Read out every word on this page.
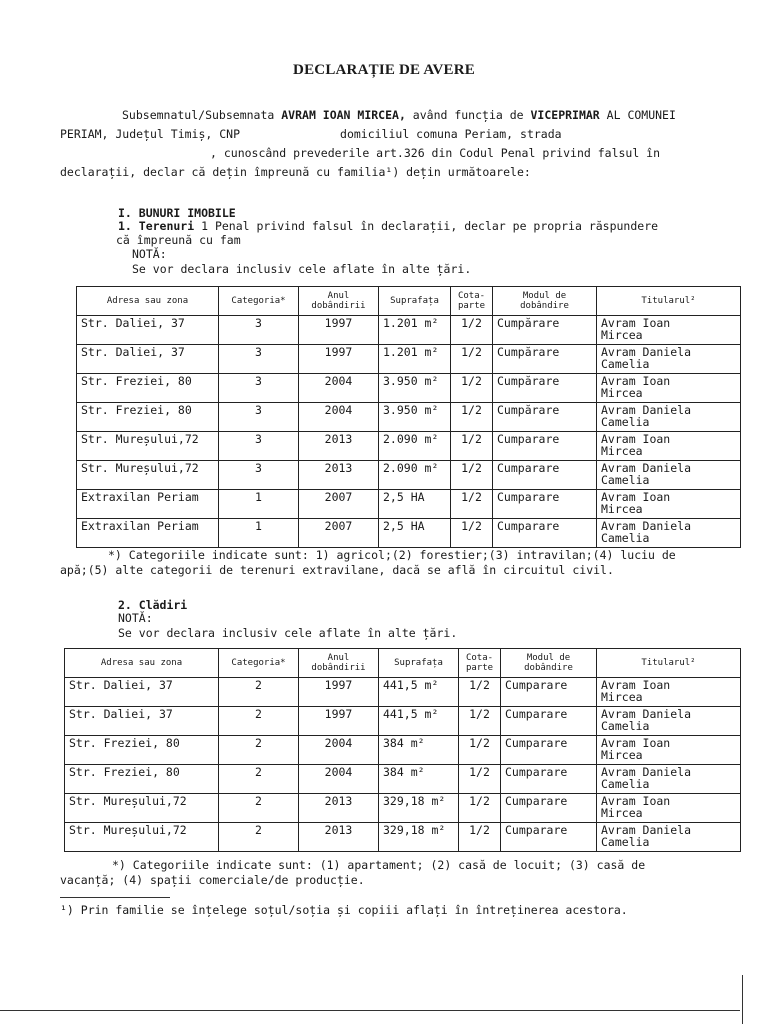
DECLARAȚIE DE AVERE
Subsemnatul/Subsemnata AVRAM IOAN MIRCEA, având funcția de VICEPRIMAR AL COMUNEI
PERIAM, Județul Timiș, CNP	domiciliul comuna Periam, strada
, cunoscând prevederile art.326 din Codul Penal privind falsul în
declarații, declar că dețin împreună cu familia¹) dețin următoarele:
I. BUNURI IMOBILE
1. Terenuri 1 Penal privind falsul în declarații, declar pe propria răspundere
că împreună cu fam
NOTĂ:
Se vor declara inclusiv cele aflate în alte țări.
Adresa sau zona	Categoria*	Anul dobândirii	Suprafața	Cota-parte	Modul de dobândire	Titularul²
Str. Daliei, 37	3	1997	1.201 m²	1/2	Cumpărare	Avram Ioan
Mircea
Str. Daliei, 37	3	1997	1.201 m²	1/2	Cumpărare	Avram Daniela
Camelia
Str. Freziei, 80	3	2004	3.950 m²	1/2	Cumpărare	Avram Ioan
Mircea
Str. Freziei, 80	3	2004	3.950 m²	1/2	Cumpărare	Avram Daniela
Camelia
Str. Mureșului,72	3	2013	2.090 m²	1/2	Cumparare	Avram Ioan
Mircea
Str. Mureșului,72	3	2013	2.090 m²	1/2	Cumparare	Avram Daniela
Camelia
Extraxilan Periam	1	2007	2,5 HA	1/2	Cumparare	Avram Ioan
Mircea
Extraxilan Periam	1	2007	2,5 HA	1/2	Cumparare	Avram Daniela
Camelia
*) Categoriile indicate sunt: 1) agricol;(2) forestier;(3) intravilan;(4) luciu de
apă;(5) alte categorii de terenuri extravilane, dacă se află în circuitul civil.
2. Clădiri
NOTĂ:
Se vor declara inclusiv cele aflate în alte țări.
Adresa sau zona	Categoria*	Anul dobândirii	Suprafața	Cota-parte	Modul de dobândire	Titularul²
Str. Daliei, 37	2	1997	441,5 m²	1/2	Cumparare	Avram Ioan
Mircea
Str. Daliei, 37	2	1997	441,5 m²	1/2	Cumparare	Avram Daniela
Camelia
Str. Freziei, 80	2	2004	384 m²	1/2	Cumparare	Avram Ioan
Mircea
Str. Freziei, 80	2	2004	384 m²	1/2	Cumparare	Avram Daniela
Camelia
Str. Mureșului,72	2	2013	329,18 m²	1/2	Cumparare	Avram Ioan
Mircea
Str. Mureșului,72	2	2013	329,18 m²	1/2	Cumparare	Avram Daniela
Camelia
*) Categoriile indicate sunt: (1) apartament; (2) casă de locuit; (3) casă de
vacanță; (4) spații comerciale/de producție.
¹) Prin familie se înțelege soțul/soția și copiii aflați în întreținerea acestora.
